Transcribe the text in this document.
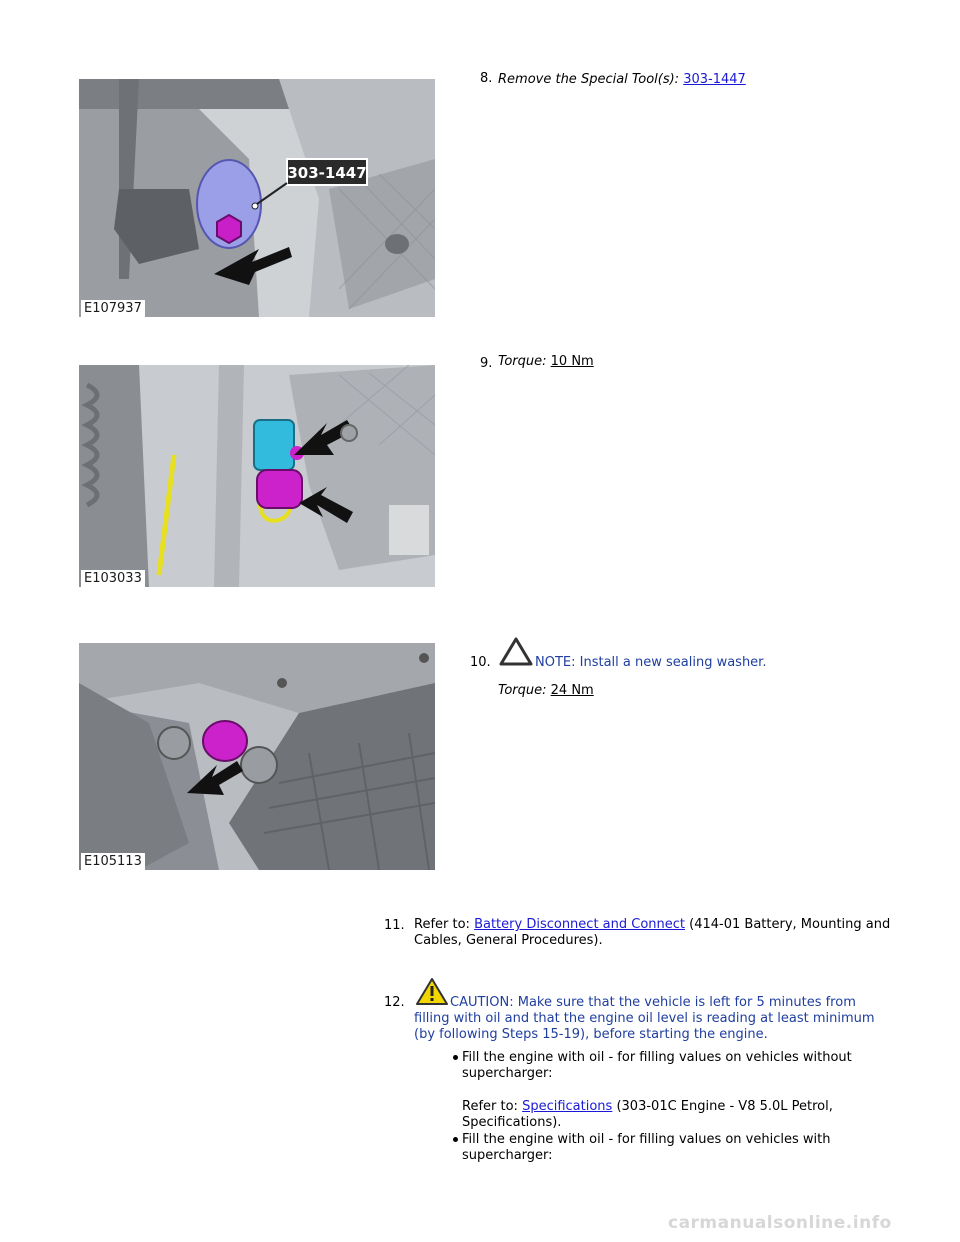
303-1447
E107937
8. Remove the Special Tool(s): 303-1447
E103033
9. Torque: 10 Nm
E105113
10.	NOTE: Install a new sealing washer.
Torque: 24 Nm
11. Refer to: Battery Disconnect and Connect (414-01 Battery, Mounting and
Cables, General Procedures).
12.	CAUTION: Make sure that the vehicle is left for 5 minutes from
filling with oil and that the engine oil level is reading at least minimum
(by following Steps 15-19), before starting the engine.
Fill the engine with oil - for filling values on vehicles without
supercharger:
Refer to: Specifications (303-01C Engine - V8 5.0L Petrol,
Specifications).
Fill the engine with oil - for filling values on vehicles with
supercharger:
carmanualsonline.info
